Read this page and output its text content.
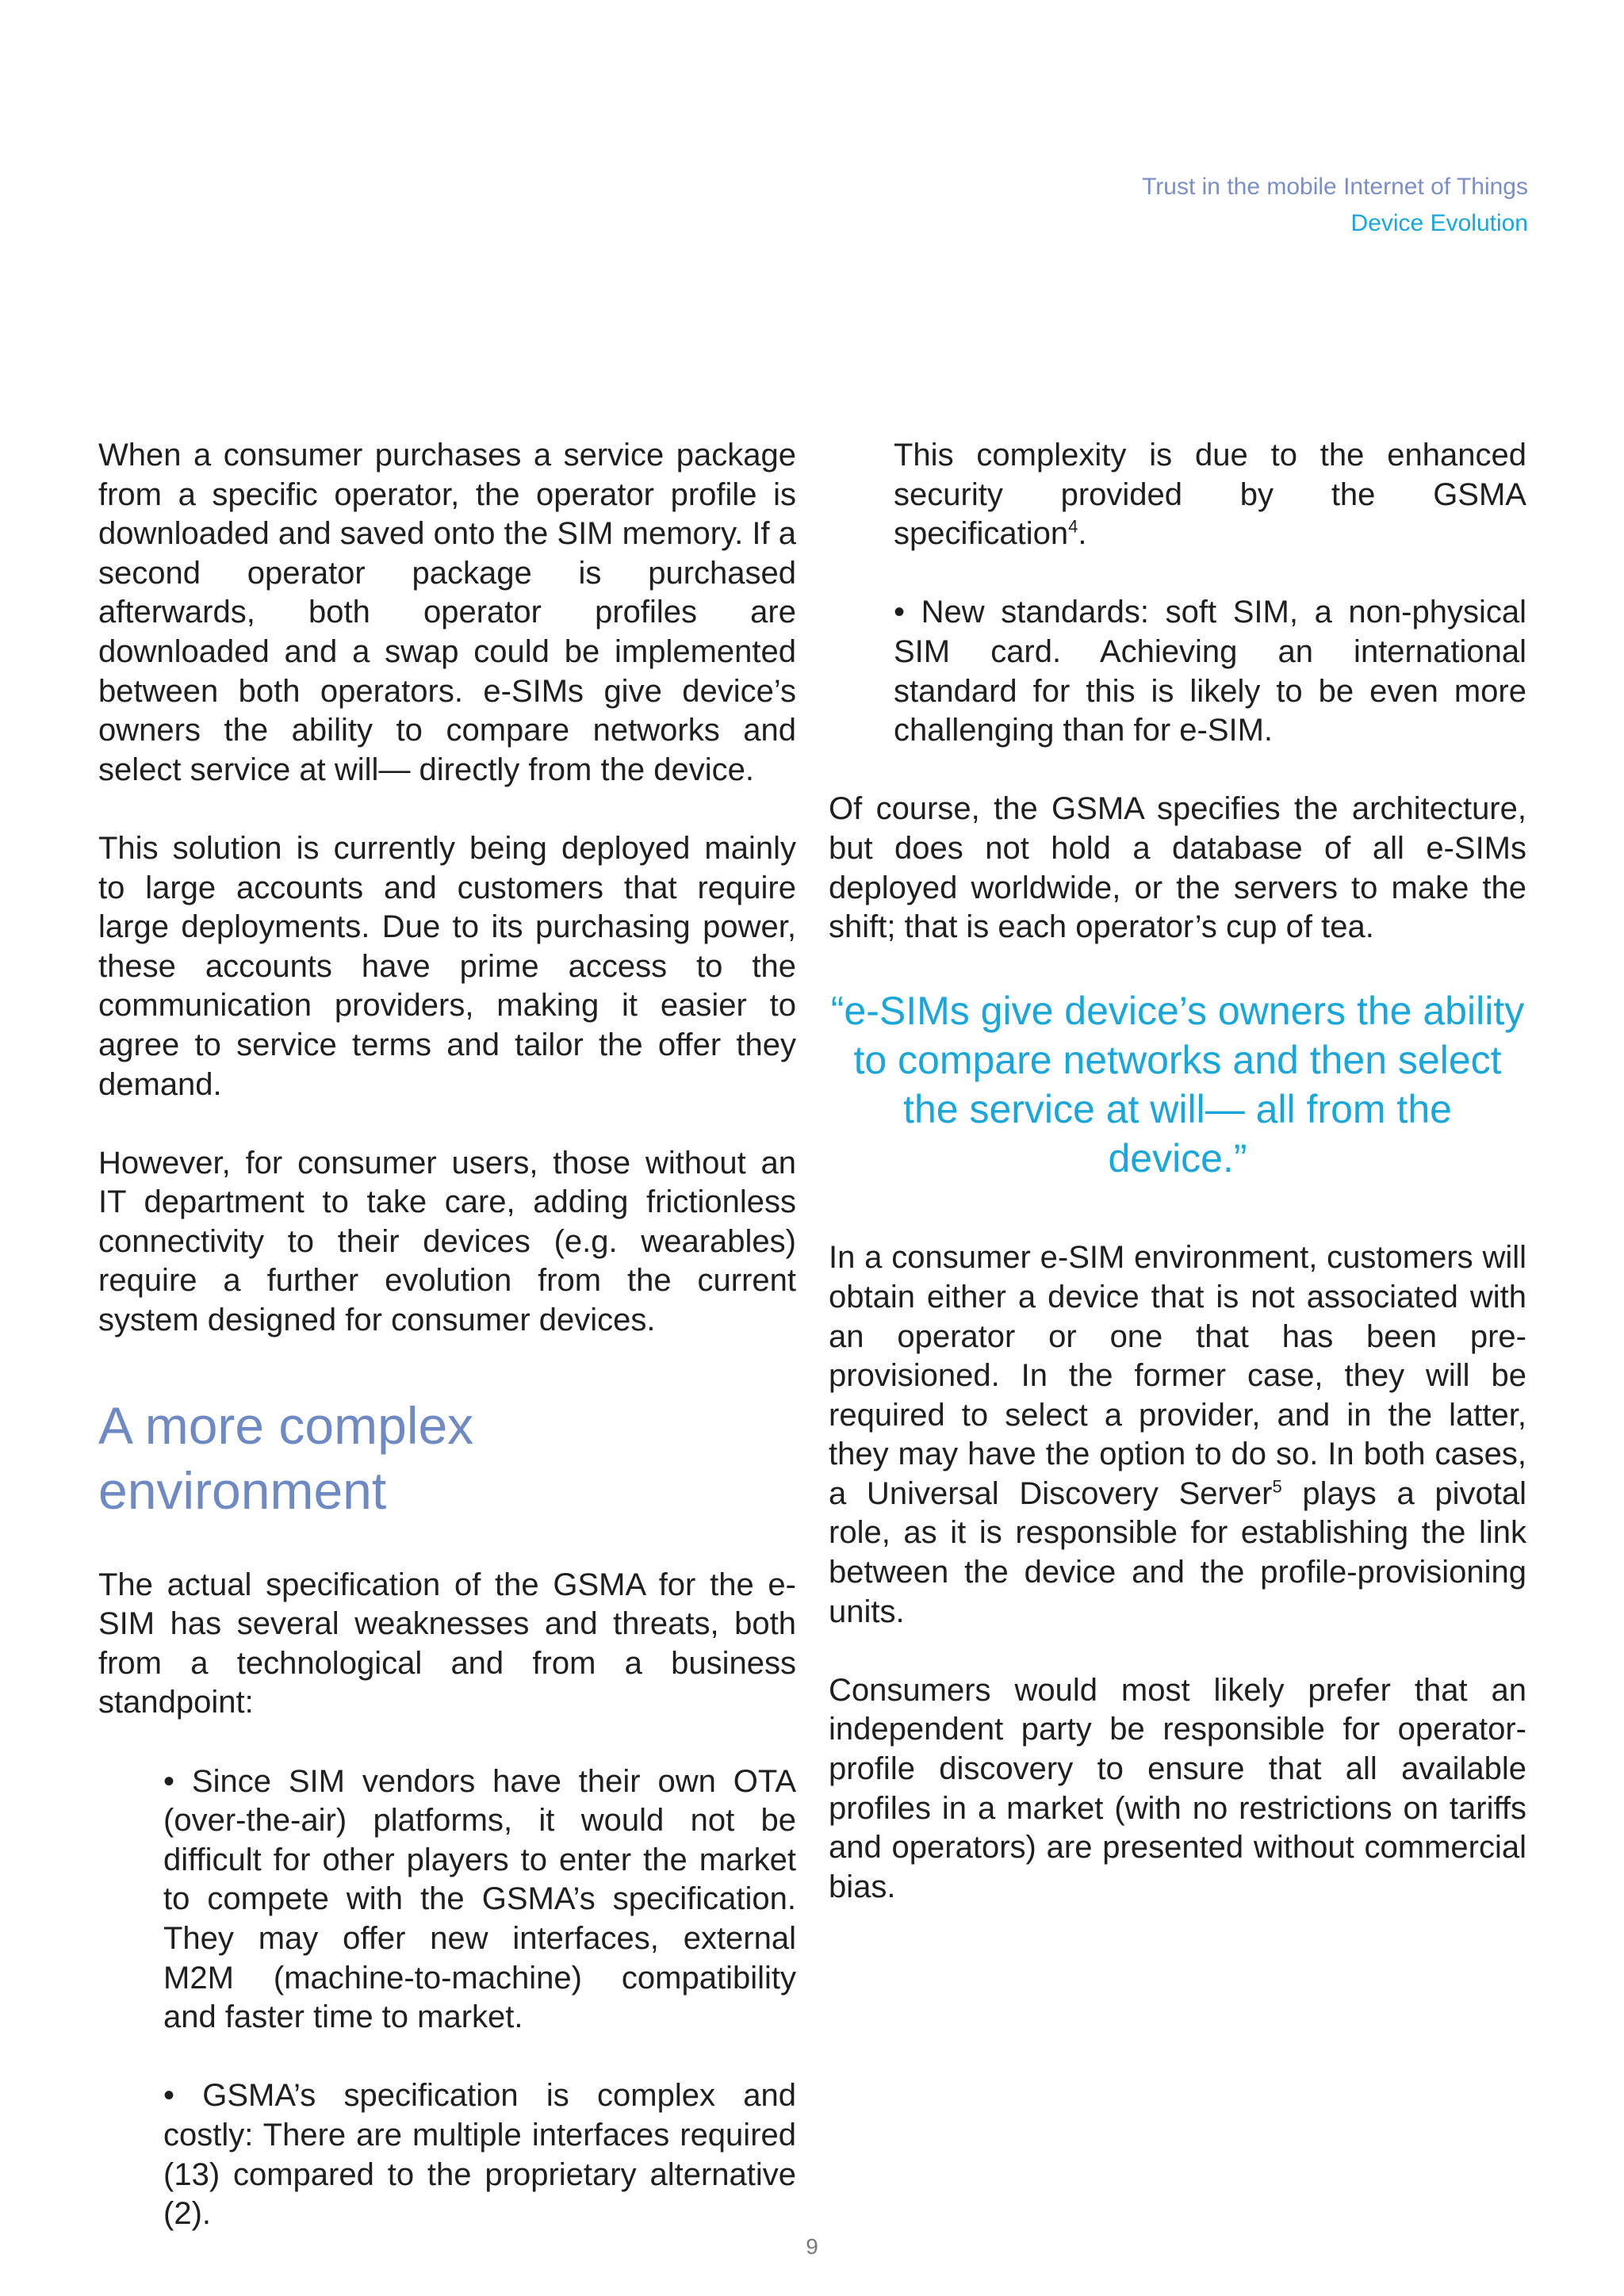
Trust in the mobile Internet of Things
Device Evolution

When a consumer purchases a service package from a specific operator, the operator profile is downloaded and saved onto the SIM memory. If a second operator package is purchased afterwards, both operator profiles are downloaded and a swap could be implemented between both operators. e-SIMs give device’s owners the ability to compare networks and select service at will— directly from the device.

This solution is currently being deployed mainly to large accounts and customers that require large deployments. Due to its purchasing power, these accounts have prime access to the communication providers, making it easier to agree to service terms and tailor the offer they demand.

However, for consumer users, those without an IT department to take care, adding frictionless connectivity to their devices (e.g. wearables) require a further evolution from the current system designed for consumer devices.

A more complex
environment

The actual specification of the GSMA for the e-SIM has several weaknesses and threats, both from a technological and from a business standpoint:

• Since SIM vendors have their own OTA (over-the-air) platforms, it would not be difficult for other players to enter the market to compete with the GSMA’s specification. They may offer new interfaces, external M2M (machine-to-machine) compatibility and faster time to market.

• GSMA’s specification is complex and costly: There are multiple interfaces required (13) compared to the proprietary alternative (2).

This complexity is due to the enhanced security provided by the GSMA specification$^4$.

• New standards: soft SIM, a non-physical SIM card. Achieving an international standard for this is likely to be even more challenging than for e-SIM.

Of course, the GSMA specifies the architecture, but does not hold a database of all e-SIMs deployed worldwide, or the servers to make the shift; that is each operator’s cup of tea.

“e-SIMs give device’s owners the ability to compare networks and then select the service at will— all from the device.”

In a consumer e-SIM environment, customers will obtain either a device that is not associated with an operator or one that has been pre-provisioned. In the former case, they will be required to select a provider, and in the latter, they may have the option to do so. In both cases, a Universal Discovery Server$^5$ plays a pivotal role, as it is responsible for establishing the link between the device and the profile-provisioning units.

Consumers would most likely prefer that an independent party be responsible for operator-profile discovery to ensure that all available profiles in a market (with no restrictions on tariffs and operators) are presented without commercial bias.

9
